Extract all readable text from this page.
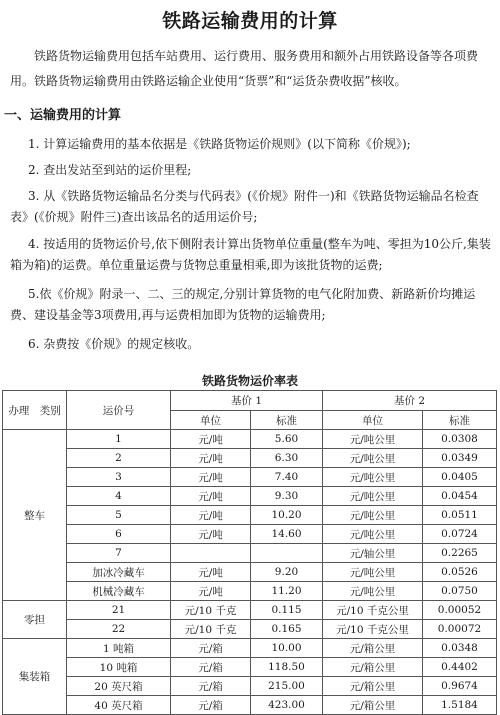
铁路运输费用的计算
铁路货物运输费用包括车站费用、运行费用、服务费用和额外占用铁路设备等各项费用。铁路货物运输费用由铁路运输企业使用“货票”和“运货杂费收据”核收。
一、运输费用的计算
1. 计算运输费用的基本依据是《铁路货物运价规则》(以下简称《价规》);
2. 查出发站至到站的运价里程;
3. 从《铁路货物运输品名分类与代码表》(《价规》附件一)和《铁路货物运输品名检查表》(《价规》附件三)查出该品名的适用运价号;
4. 按适用的货物运价号,依下侧附表计算出货物单位重量(整车为吨、零担为10公斤,集装箱为箱)的运费。单位重量运费与货物总重量相乘,即为该批货物的运费;
5.依《价规》附录一、二、三的规定,分别计算货物的电气化附加费、新路新价均摊运费、建设基金等3项费用,再与运费相加即为货物的运输费用;
6. 杂费按《价规》的规定核收。
铁路货物运价率表
办理　类别	运价号	基价 1		基价 2	
		单位	标准	单位	标准
整车	1	元/吨	5.60	元/吨公里	0.0308
	2	元/吨	6.30	元/吨公里	0.0349
	3	元/吨	7.40	元/吨公里	0.0405
	4	元/吨	9.30	元/吨公里	0.0454
	5	元/吨	10.20	元/吨公里	0.0511
	6	元/吨	14.60	元/吨公里	0.0724
	7			元/轴公里	0.2265
	加冰冷藏车	元/吨	9.20	元/吨公里	0.0526
	机械冷藏车	元/吨	11.20	元/吨公里	0.0750
零担	21	元/10 千克	0.115	元/10 千克公里	0.00052
	22	元/10 千克	0.165	元/10 千克公里	0.00072
集装箱	1 吨箱	元/箱	10.00	元/箱公里	0.0348
	10 吨箱	元/箱	118.50	元/箱公里	0.4402
	20 英尺箱	元/箱	215.00	元/箱公里	0.9674
	40 英尺箱	元/箱	423.00	元/箱公里	1.5184
